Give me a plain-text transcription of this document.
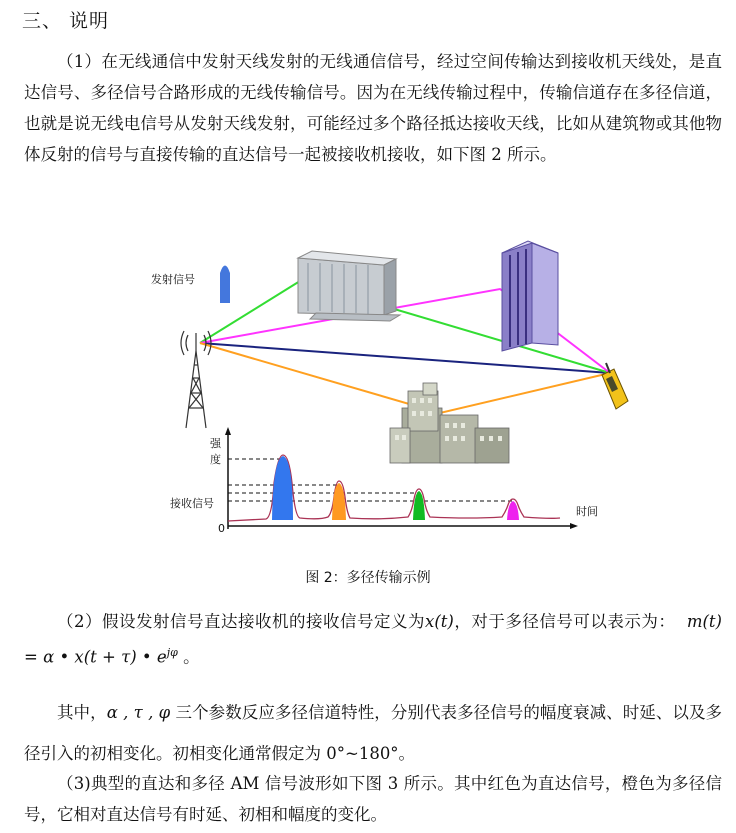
三、 说明
（1）在无线通信中发射天线发射的无线通信信号，经过空间传输达到接收机天线处，是直达信号、多径信号合路形成的无线传输信号。因为在无线传输过程中，传输信道存在多径信道，也就是说无线电信号从发射天线发射，可能经过多个路径抵达接收天线，比如从建筑物或其他物体反射的信号与直接传输的直达信号一起被接收机接收，如下图 2 所示。
发射信号
强
度
接收信号
时间
0
图 2：多径传输示例
（2）假设发射信号直达接收机的接收信号定义为x(t)，对于多径信号可以表示为： m(t) = α • x(t + τ) • $e^{j\varphi}$ 。
其中，α , τ , φ 三个参数反应多径信道特性，分别代表多径信号的幅度衰减、时延、以及多径引入的初相变化。初相变化通常假定为 0°~180°。
（3)典型的直达和多径 AM 信号波形如下图 3 所示。其中红色为直达信号，橙色为多径信号，它相对直达信号有时延、初相和幅度的变化。
